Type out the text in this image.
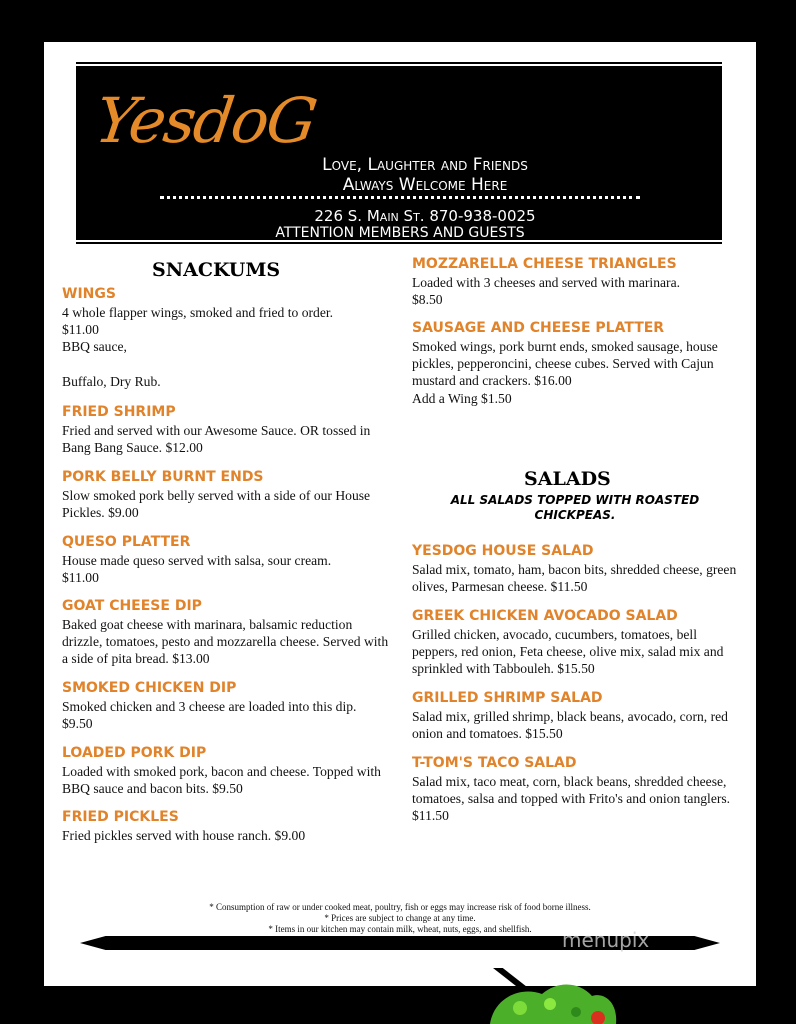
YesdoG
Love, Laughter and Friends
Always Welcome Here
226 S. Main St. 870-938-0025
ATTENTION MEMBERS AND GUESTS
SNACKUMS
WINGS
4 whole flapper wings, smoked and fried to order.
$11.00
BBQ sauce,

Buffalo, Dry Rub.
FRIED SHRIMP
Fried and served with our Awesome Sauce. OR tossed in Bang Bang Sauce. $12.00
PORK BELLY BURNT ENDS
Slow smoked pork belly served with a side of our House Pickles. $9.00
QUESO PLATTER
House made queso served with salsa, sour cream.
$11.00
GOAT CHEESE DIP
Baked goat cheese with marinara, balsamic reduction drizzle, tomatoes, pesto and mozzarella cheese. Served with a side of pita bread. $13.00
SMOKED CHICKEN DIP
Smoked chicken and 3 cheese are loaded into this dip.
$9.50
LOADED PORK DIP
Loaded with smoked pork, bacon and cheese. Topped with BBQ sauce and bacon bits. $9.50
FRIED PICKLES
Fried pickles served with house ranch. $9.00
MOZZARELLA CHEESE TRIANGLES
Loaded with 3 cheeses and served with marinara.
$8.50
SAUSAGE AND CHEESE PLATTER
Smoked wings, pork burnt ends, smoked sausage, house pickles, pepperoncini, cheese cubes. Served with Cajun mustard and crackers. $16.00
Add a Wing $1.50
SALADS
ALL SALADS TOPPED WITH ROASTED CHICKPEAS.
YESDOG HOUSE SALAD
Salad mix, tomato, ham, bacon bits, shredded cheese, green olives, Parmesan cheese. $11.50
GREEK CHICKEN AVOCADO SALAD
Grilled chicken, avocado, cucumbers, tomatoes, bell peppers, red onion, Feta cheese, olive mix, salad mix and sprinkled with Tabbouleh. $15.50
GRILLED SHRIMP SALAD
Salad mix, grilled shrimp, black beans, avocado, corn, red onion and tomatoes. $15.50
T-TOM'S TACO SALAD
Salad mix, taco meat, corn, black beans, shredded cheese, tomatoes, salsa and topped with Frito's and onion tanglers. $11.50
* Consumption of raw or under cooked meat, poultry, fish or eggs may increase risk of food borne illness.
* Prices are subject to change at any time.
* Items in our kitchen may contain milk, wheat, nuts, eggs, and shellfish.	menupix
